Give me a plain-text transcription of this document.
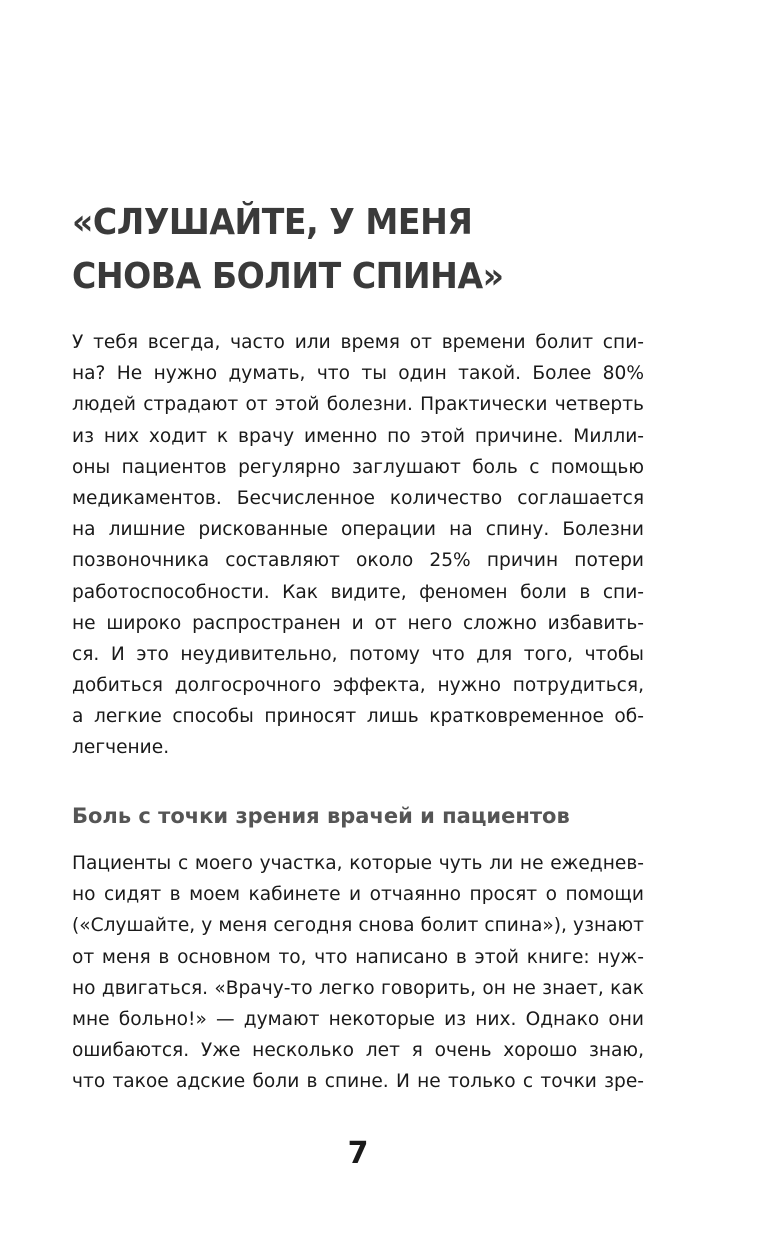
«СЛУШАЙТЕ, У МЕНЯ
СНОВА БОЛИТ СПИНА»
У тебя всегда, часто или время от времени болит спи-
на? Не нужно думать, что ты один такой. Более 80%
людей страдают от этой болезни. Практически четверть
из них ходит к врачу именно по этой причине. Милли-
оны пациентов регулярно заглушают боль с помощью
медикаментов. Бесчисленное количество соглашается
на лишние рискованные операции на спину. Болезни
позвоночника составляют около 25% причин потери
работоспособности. Как видите, феномен боли в спи-
не широко распространен и от него сложно избавить-
ся. И это неудивительно, потому что для того, чтобы
добиться долгосрочного эффекта, нужно потрудиться,
а легкие способы приносят лишь кратковременное об-
легчение.
Боль с точки зрения врачей и пациентов
Пациенты с моего участка, которые чуть ли не ежеднев-
но сидят в моем кабинете и отчаянно просят о помощи
(«Слушайте, у меня сегодня снова болит спина»), узнают
от меня в основном то, что написано в этой книге: нуж-
но двигаться. «Врачу-то легко говорить, он не знает, как
мне больно!» — думают некоторые из них. Однако они
ошибаются. Уже несколько лет я очень хорошо знаю,
что такое адские боли в спине. И не только с точки зре-
7
